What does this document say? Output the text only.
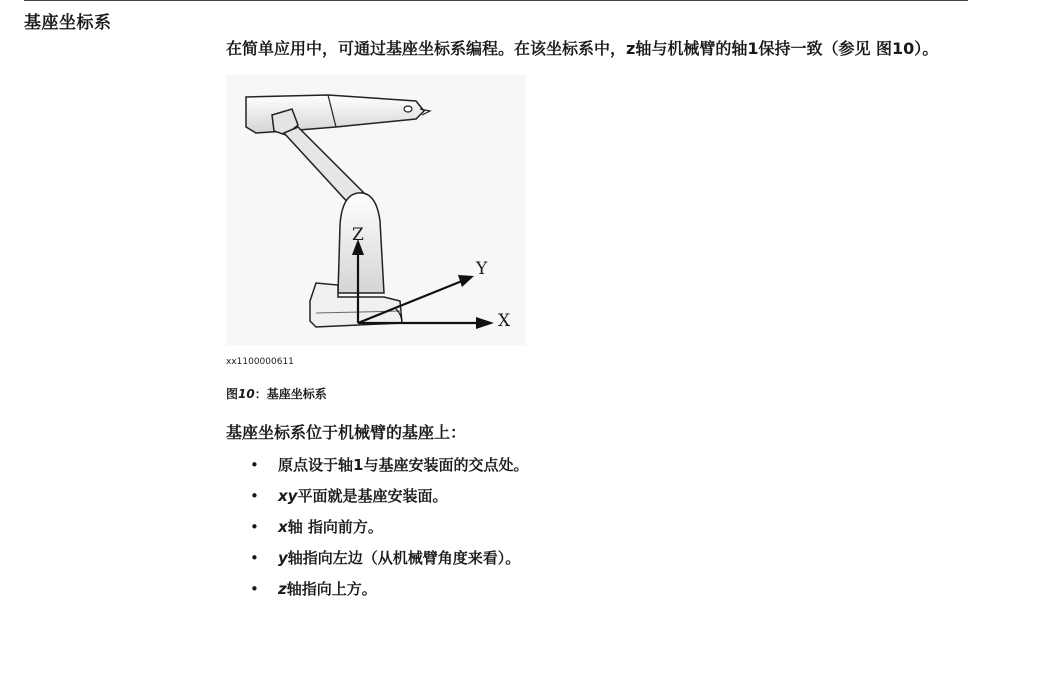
基座坐标系

在简单应用中，可通过基座坐标系编程。在该坐标系中，z轴与机械臂的轴1保持一致（参见 图10）。

Z
Y
X
xx1100000611
图10：基座坐标系
基座坐标系位于机械臂的基座上：
• 原点设于轴1与基座安装面的交点处。
• xy平面就是基座安装面。
• x轴 指向前方。
• y轴指向左边（从机械臂角度来看）。
• z轴指向上方。
